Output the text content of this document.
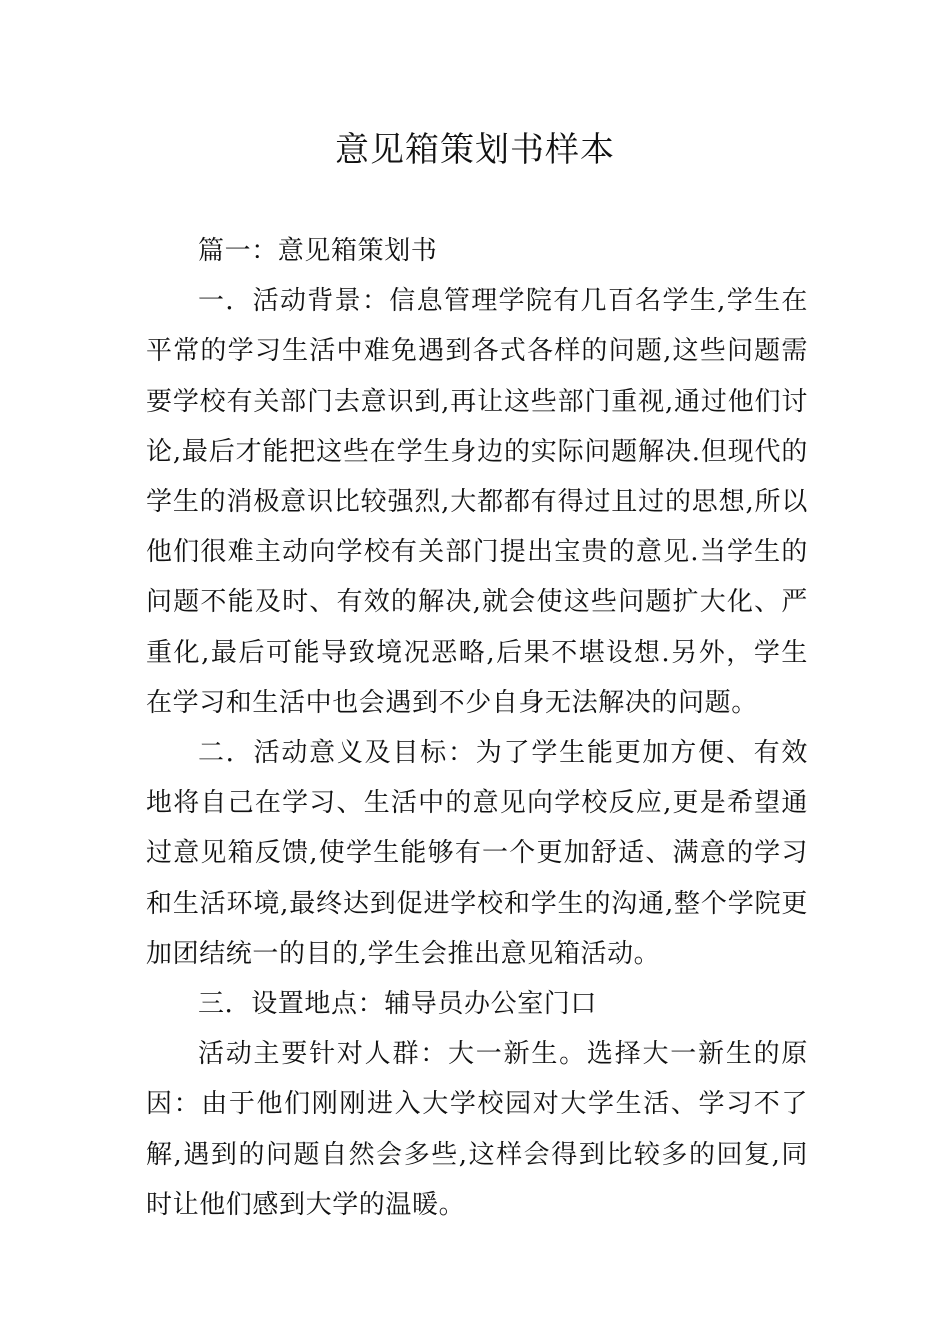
意见箱策划书样本

篇一：意见箱策划书

一．活动背景：信息管理学院有几百名学生,学生在平常的学习生活中难免遇到各式各样的问题,这些问题需要学校有关部门去意识到,再让这些部门重视,通过他们讨论,最后才能把这些在学生身边的实际问题解决.但现代的学生的消极意识比较强烈,大都都有得过且过的思想,所以他们很难主动向学校有关部门提出宝贵的意见.当学生的问题不能及时、有效的解决,就会使这些问题扩大化、严重化,最后可能导致境况恶略,后果不堪设想.另外，学生在学习和生活中也会遇到不少自身无法解决的问题。

二．活动意义及目标：为了学生能更加方便、有效地将自己在学习、生活中的意见向学校反应,更是希望通过意见箱反馈,使学生能够有一个更加舒适、满意的学习和生活环境,最终达到促进学校和学生的沟通,整个学院更加团结统一的目的,学生会推出意见箱活动。

三．设置地点：辅导员办公室门口

活动主要针对人群：大一新生。选择大一新生的原因：由于他们刚刚进入大学校园对大学生活、学习不了解,遇到的问题自然会多些,这样会得到比较多的回复,同时让他们感到大学的温暖。
